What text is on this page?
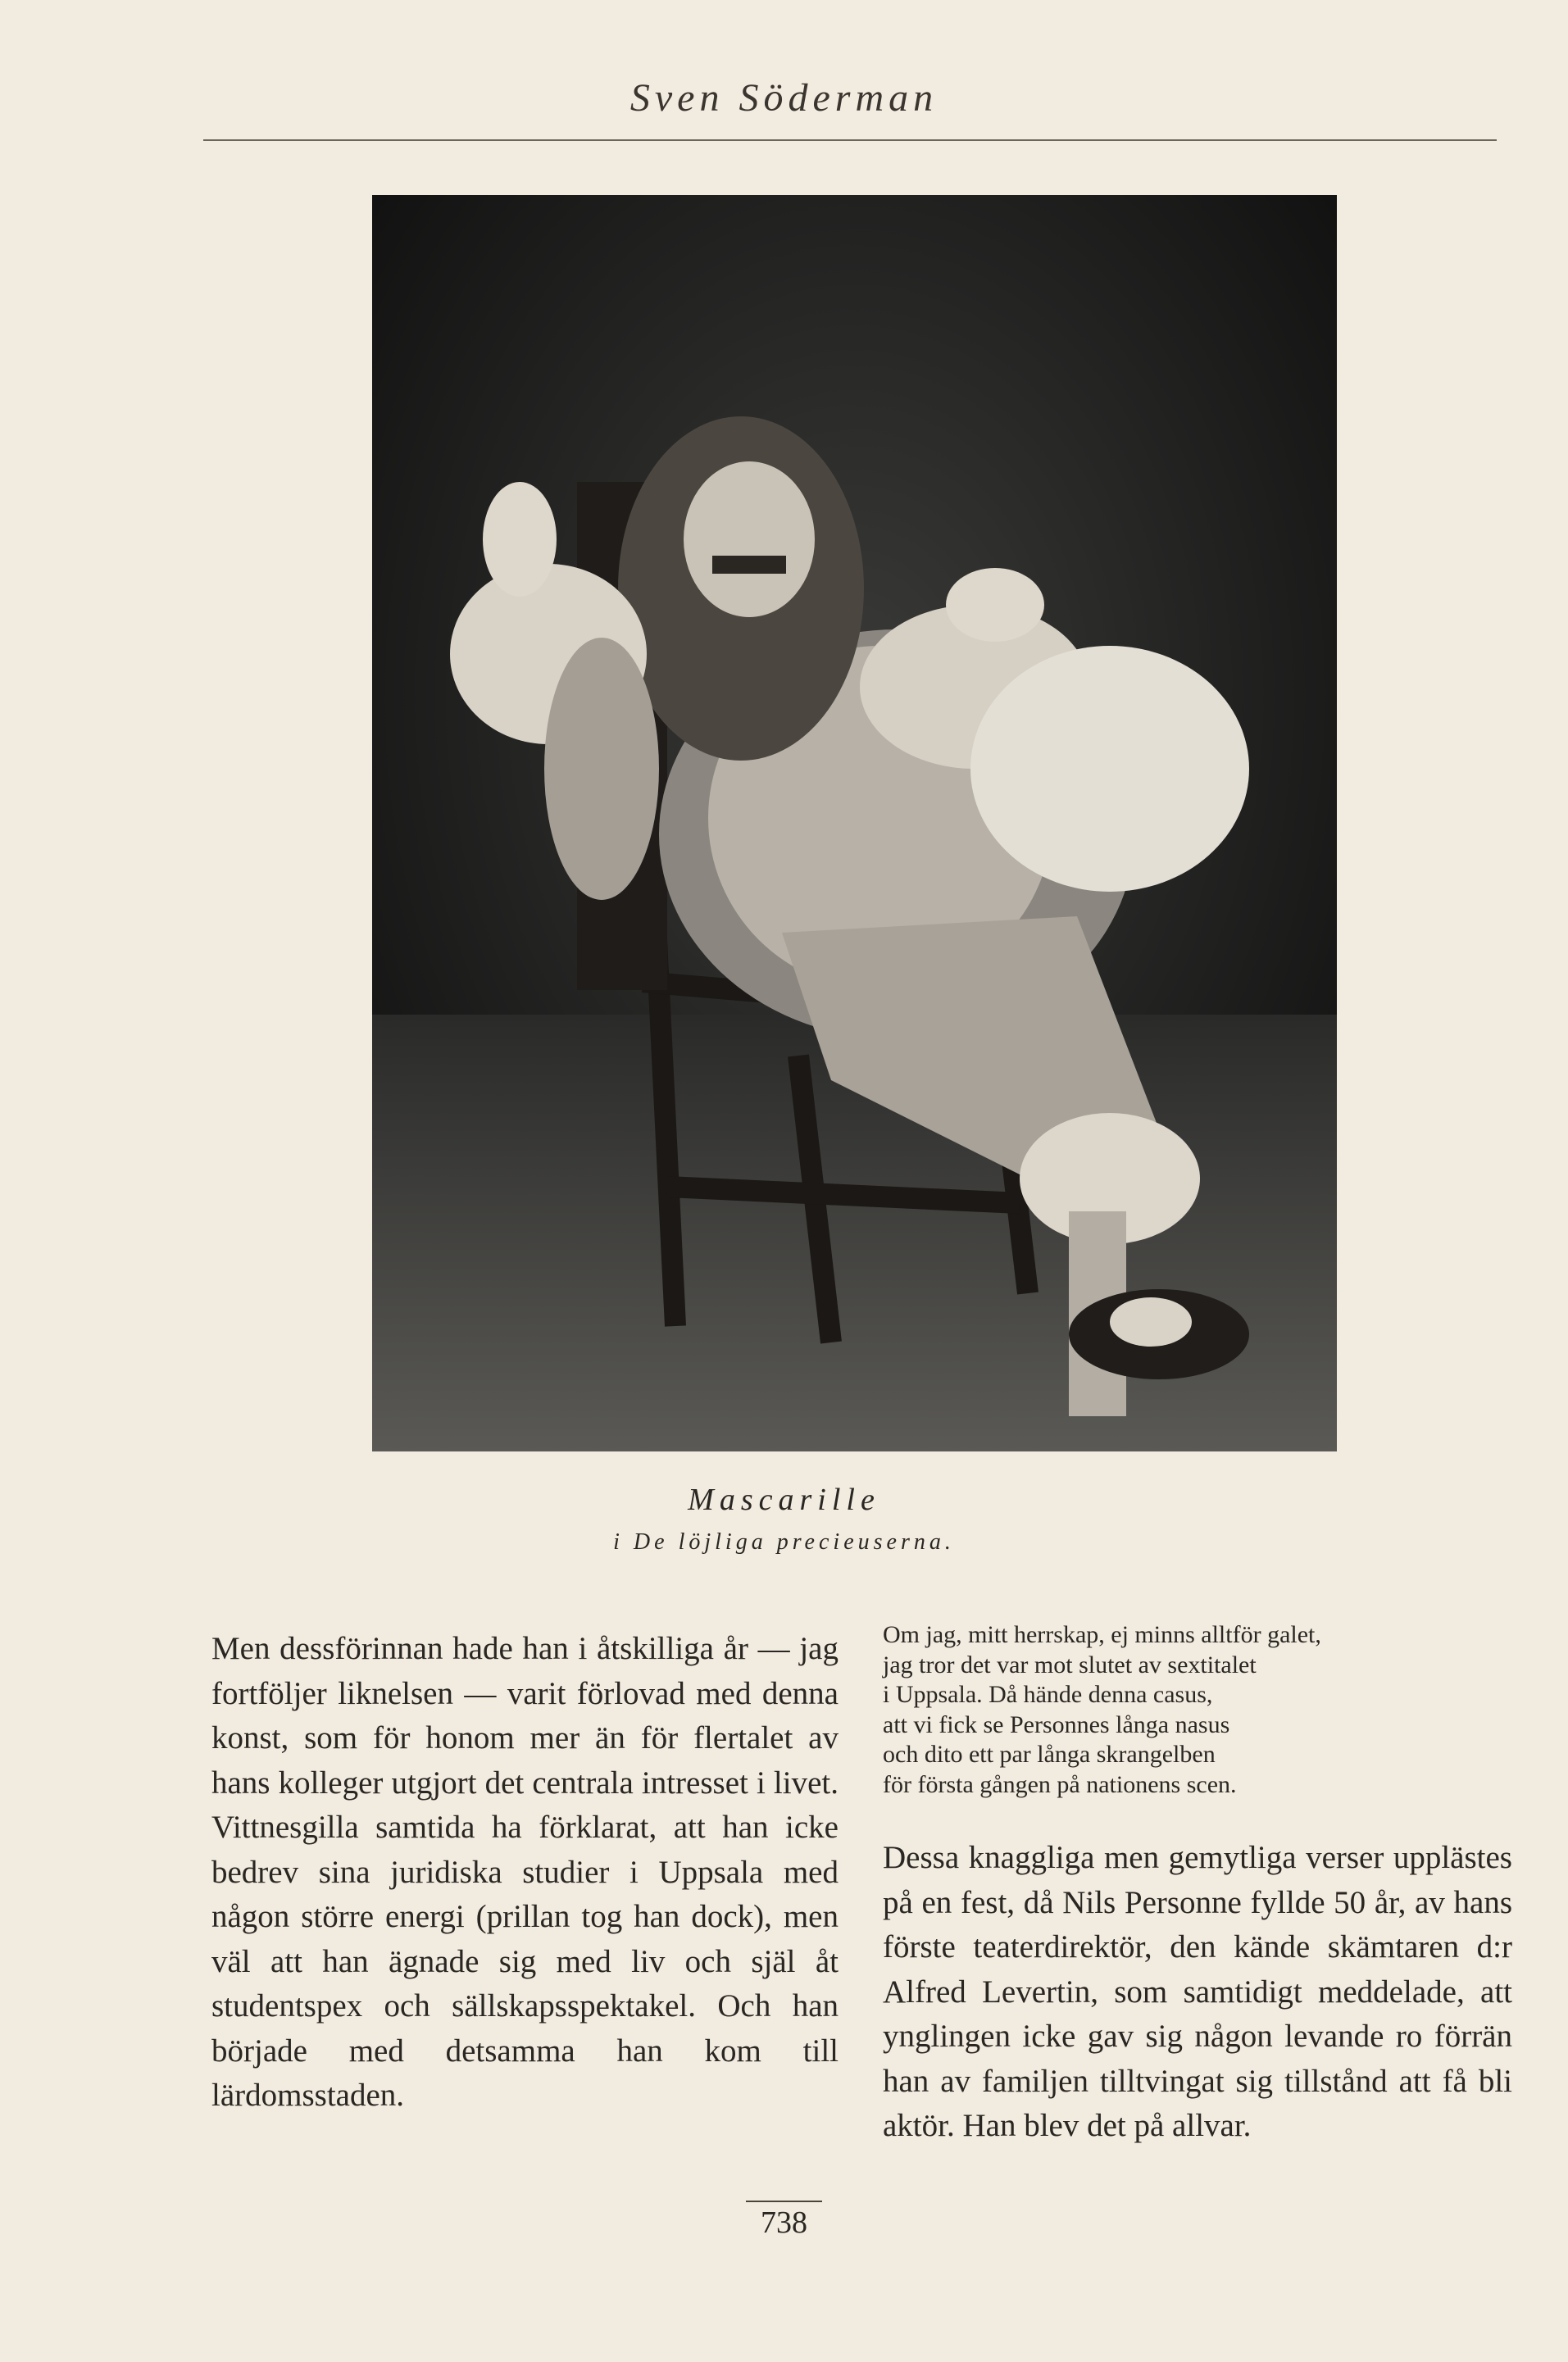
Sven Söderman
Mascarille
i De löjliga precieuserna.

Men dessförinnan hade han i åtskilliga år — jag fortföljer liknelsen — varit förlovad med denna konst, som för honom mer än för flertalet av hans kolleger utgjort det centrala intresset i livet. Vittnesgilla samtida ha förklarat, att han icke bedrev sina juridiska studier i Uppsala med någon större energi (prillan tog han dock), men väl att han ägnade sig med liv och själ åt studentspex och sällskapsspektakel. Och han började med detsamma han kom till lärdomsstaden.

Om jag, mitt herrskap, ej minns alltför galet,
jag tror det var mot slutet av sextitalet
i Uppsala. Då hände denna casus,
att vi fick se Personnes långa nasus
och dito ett par långa skrangelben
för första gången på nationens scen.

Dessa knaggliga men gemytliga verser upplästes på en fest, då Nils Personne fyllde 50 år, av hans förste teaterdirektör, den kände skämtaren d:r Alfred Levertin, som samtidigt meddelade, att ynglingen icke gav sig någon levande ro förrän han av familjen tilltvingat sig tillstånd att få bli aktör. Han blev det på allvar.

738
